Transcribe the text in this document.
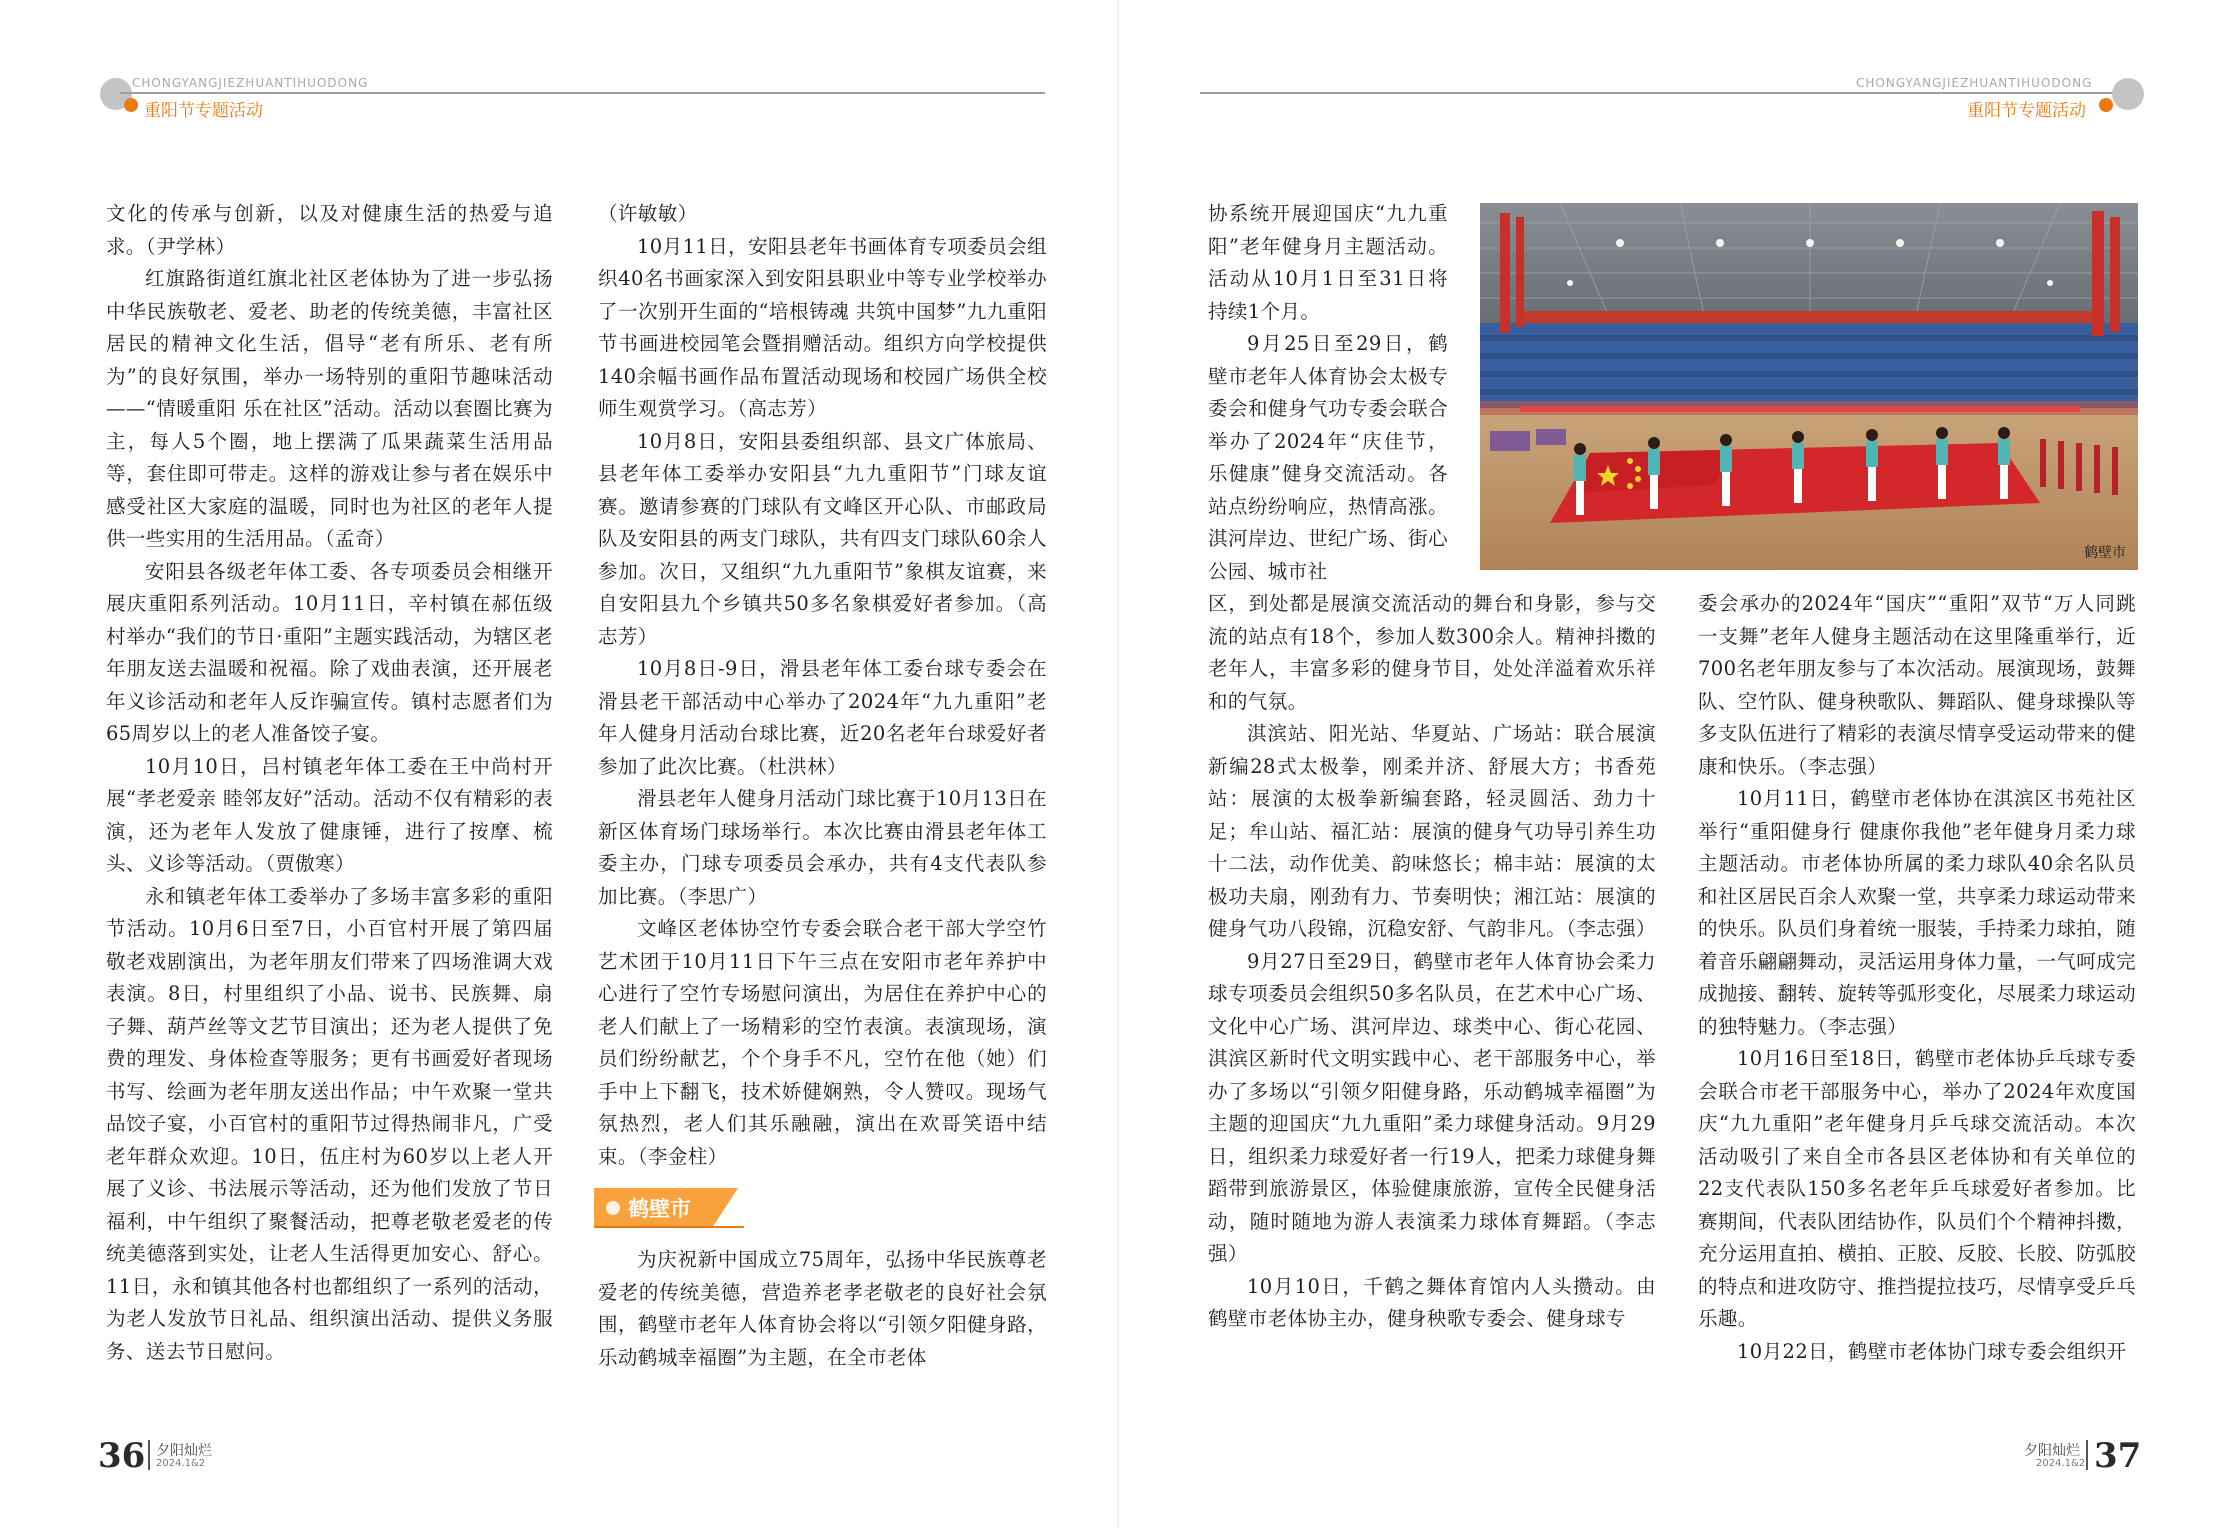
CHONGYANGJIEZHUANTIHUODONG
重阳节专题活动
CHONGYANGJIEZHUANTIHUODONG
重阳节专题活动

文化的传承与创新，以及对健康生活的热爱与追求。（尹学林）

红旗路街道红旗北社区老体协为了进一步弘扬中华民族敬老、爱老、助老的传统美德，丰富社区居民的精神文化生活，倡导“老有所乐、老有所为”的良好氛围，举办一场特别的重阳节趣味活动——“情暖重阳 乐在社区”活动。活动以套圈比赛为主，每人5个圈，地上摆满了瓜果蔬菜生活用品等，套住即可带走。这样的游戏让参与者在娱乐中感受社区大家庭的温暖，同时也为社区的老年人提供一些实用的生活用品。（孟奇）

安阳县各级老年体工委、各专项委员会相继开展庆重阳系列活动。10月11日，辛村镇在郝伍级村举办“我们的节日·重阳”主题实践活动，为辖区老年朋友送去温暖和祝福。除了戏曲表演，还开展老年义诊活动和老年人反诈骗宣传。镇村志愿者们为65周岁以上的老人准备饺子宴。

10月10日，吕村镇老年体工委在王中尚村开展“孝老爱亲 睦邻友好”活动。活动不仅有精彩的表演，还为老年人发放了健康锤，进行了按摩、梳头、义诊等活动。（贾傲寒）

永和镇老年体工委举办了多场丰富多彩的重阳节活动。10月6日至7日，小百官村开展了第四届敬老戏剧演出，为老年朋友们带来了四场淮调大戏表演。8日，村里组织了小品、说书、民族舞、扇子舞、葫芦丝等文艺节目演出；还为老人提供了免费的理发、身体检查等服务；更有书画爱好者现场书写、绘画为老年朋友送出作品；中午欢聚一堂共品饺子宴，小百官村的重阳节过得热闹非凡，广受老年群众欢迎。10日，伍庄村为60岁以上老人开展了义诊、书法展示等活动，还为他们发放了节日福利，中午组织了聚餐活动，把尊老敬老爱老的传统美德落到实处，让老人生活得更加安心、舒心。11日，永和镇其他各村也都组织了一系列的活动，为老人发放节日礼品、组织演出活动、提供义务服务、送去节日慰问。

（许敏敏）

10月11日，安阳县老年书画体育专项委员会组织40名书画家深入到安阳县职业中等专业学校举办了一次别开生面的“培根铸魂 共筑中国梦”九九重阳节书画进校园笔会暨捐赠活动。组织方向学校提供140余幅书画作品布置活动现场和校园广场供全校师生观赏学习。（高志芳）

10月8日，安阳县委组织部、县文广体旅局、县老年体工委举办安阳县“九九重阳节”门球友谊赛。邀请参赛的门球队有文峰区开心队、市邮政局队及安阳县的两支门球队，共有四支门球队60余人参加。次日，又组织“九九重阳节”象棋友谊赛，来自安阳县九个乡镇共50多名象棋爱好者参加。（高志芳）

10月8日-9日，滑县老年体工委台球专委会在滑县老干部活动中心举办了2024年“九九重阳”老年人健身月活动台球比赛，近20名老年台球爱好者参加了此次比赛。（杜洪林）

滑县老年人健身月活动门球比赛于10月13日在新区体育场门球场举行。本次比赛由滑县老年体工委主办，门球专项委员会承办，共有4支代表队参加比赛。（李思广）

文峰区老体协空竹专委会联合老干部大学空竹艺术团于10月11日下午三点在安阳市老年养护中心进行了空竹专场慰问演出，为居住在养护中心的老人们献上了一场精彩的空竹表演。表演现场，演员们纷纷献艺，个个身手不凡，空竹在他（她）们手中上下翻飞，技术娇健娴熟，令人赞叹。现场气氛热烈，老人们其乐融融，演出在欢哥笑语中结束。（李金柱）

鹤壁市

为庆祝新中国成立75周年，弘扬中华民族尊老爱老的传统美德，营造养老孝老敬老的良好社会氛围，鹤壁市老年人体育协会将以“引领夕阳健身路，乐动鹤城幸福圈”为主题，在全市老体

协系统开展迎国庆“九九重阳”老年健身月主题活动。活动从10月1日至31日将持续1个月。

9月25日至29日，鹤壁市老年人体育协会太极专委会和健身气功专委会联合举办了2024年“庆佳节，乐健康”健身交流活动。各站点纷纷响应，热情高涨。淇河岸边、世纪广场、街心公园、城市社

区，到处都是展演交流活动的舞台和身影，参与交流的站点有18个，参加人数300余人。精神抖擞的老年人，丰富多彩的健身节目，处处洋溢着欢乐祥和的气氛。

淇滨站、阳光站、华夏站、广场站：联合展演新编28式太极拳，刚柔并济、舒展大方；书香苑站：展演的太极拳新编套路，轻灵圆活、劲力十足；牟山站、福汇站：展演的健身气功导引养生功十二法，动作优美、韵味悠长；棉丰站：展演的太极功夫扇，刚劲有力、节奏明快；湘江站：展演的健身气功八段锦，沉稳安舒、气韵非凡。（李志强）

9月27日至29日，鹤壁市老年人体育协会柔力球专项委员会组织50多名队员，在艺术中心广场、文化中心广场、淇河岸边、球类中心、街心花园、淇滨区新时代文明实践中心、老干部服务中心，举办了多场以“引领夕阳健身路，乐动鹤城幸福圈”为主题的迎国庆“九九重阳”柔力球健身活动。9月29日，组织柔力球爱好者一行19人，把柔力球健身舞蹈带到旅游景区，体验健康旅游，宣传全民健身活动，随时随地为游人表演柔力球体育舞蹈。（李志强）

10月10日，千鹤之舞体育馆内人头攒动。由鹤壁市老体协主办，健身秧歌专委会、健身球专

鹤壁市

委会承办的2024年“国庆”“重阳”双节“万人同跳一支舞”老年人健身主题活动在这里隆重举行，近700名老年朋友参与了本次活动。展演现场，鼓舞队、空竹队、健身秧歌队、舞蹈队、健身球操队等多支队伍进行了精彩的表演尽情享受运动带来的健康和快乐。（李志强）

10月11日，鹤壁市老体协在淇滨区书苑社区举行“重阳健身行 健康你我他”老年健身月柔力球主题活动。市老体协所属的柔力球队40余名队员和社区居民百余人欢聚一堂，共享柔力球运动带来的快乐。队员们身着统一服装，手持柔力球拍，随着音乐翩翩舞动，灵活运用身体力量，一气呵成完成抛接、翻转、旋转等弧形变化，尽展柔力球运动的独特魅力。（李志强）

10月16日至18日，鹤壁市老体协乒乓球专委会联合市老干部服务中心，举办了2024年欢度国庆“九九重阳”老年健身月乒乓球交流活动。本次活动吸引了来自全市各县区老体协和有关单位的22支代表队150多名老年乒乓球爱好者参加。比赛期间，代表队团结协作，队员们个个精神抖擞，充分运用直拍、横拍、正胶、反胶、长胶、防弧胶的特点和进攻防守、推挡提拉技巧，尽情享受乒乓乐趣。

10月22日，鹤壁市老体协门球专委会组织开

36 夕阳灿烂
2024.1&2
夕阳灿烂
2024.1&2 37
